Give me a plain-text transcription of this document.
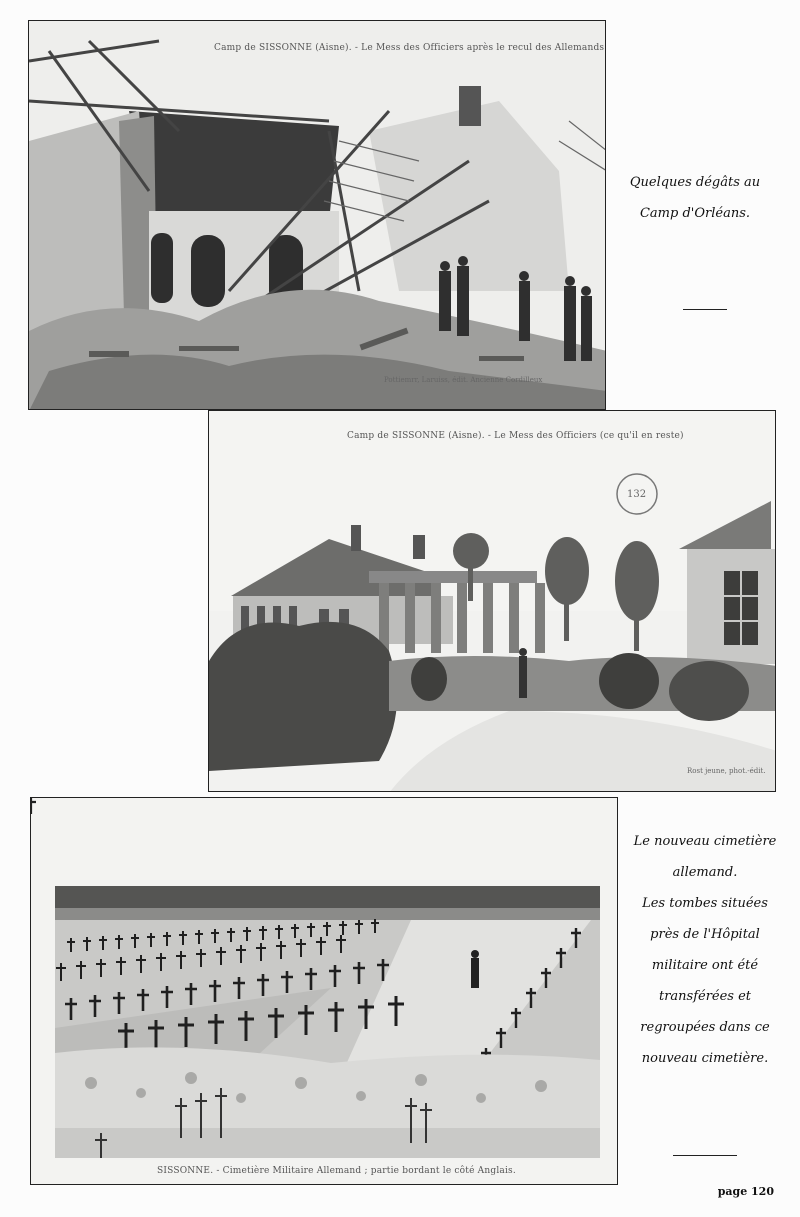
Camp de SISSONNE (Aisne). - Le Mess des Officiers après le recul des Allemands
Pottiemrr, Laruiss, édit. Ancienne Cordilleux
Quelques dégâts au
Camp d'Orléans.
Camp de SISSONNE (Aisne). - Le Mess des Officiers (ce qu'il en reste)
132
Rost jeune, phot.-édit.
SISSONNE. - Cimetière Militaire Allemand ; partie bordant le côté Anglais.
Le nouveau cimetière
allemand.
Les tombes situées
près de l'Hôpital
militaire ont été
transférées et
regroupées dans ce
nouveau cimetière.
page 120
